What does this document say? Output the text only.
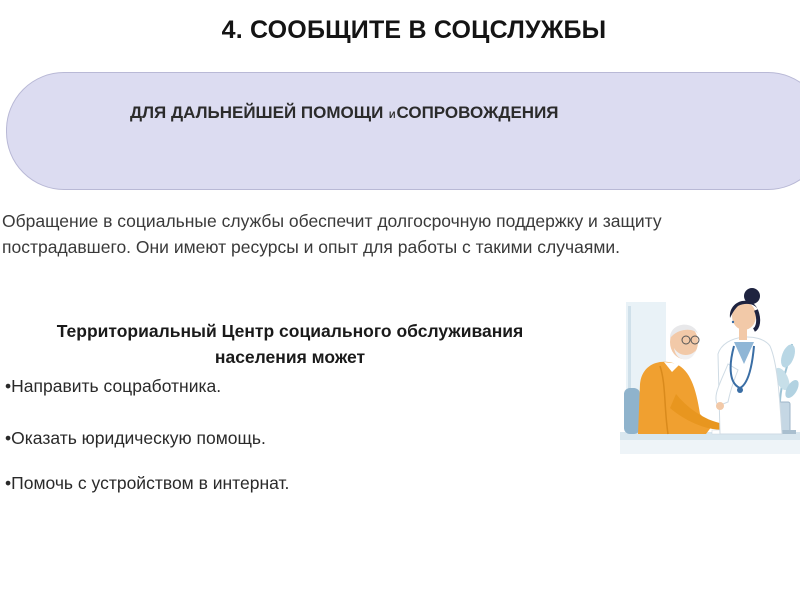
4. СООБЩИТЕ В СОЦСЛУЖБЫ
ДЛЯ ДАЛЬНЕЙШЕЙ ПОМОЩИ ИСОПРОВОЖДЕНИЯ
Обращение в социальные службы обеспечит долгосрочную поддержку и защиту пострадавшего. Они имеют ресурсы и опыт для работы с такими случаями.
Территориальный Центр социального обслуживания
населения может
•Направить соцработника.
•Оказать юридическую помощь.
•Помочь с устройством в интернат.
